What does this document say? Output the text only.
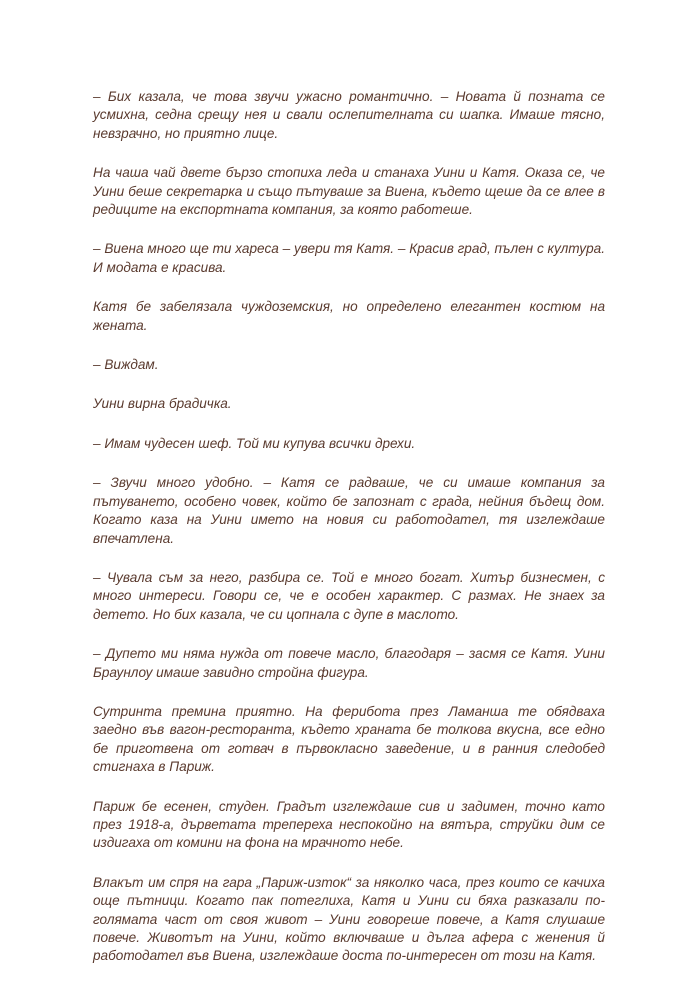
– Бих казала, че това звучи ужасно романтично. – Новата й позната се усмихна, седна срещу нея и свали ослепителната си шапка. Имаше тясно, невзрачно, но приятно лице.

На чаша чай двете бързо стопиха леда и станаха Уини и Катя. Оказа се, че Уини беше секретарка и също пътуваше за Виена, където щеше да се влее в редиците на експортната компания, за която работеше.

– Виена много ще ти хареса – увери тя Катя. – Красив град, пълен с култура. И модата е красива.

Катя бе забелязала чуждоземския, но определено елегантен костюм на жената.

– Виждам.

Уини вирна брадичка.

– Имам чудесен шеф. Той ми купува всички дрехи.

– Звучи много удобно. – Катя се радваше, че си имаше компания за пътуването, особено човек, който бе запознат с града, нейния бъдещ дом. Когато каза на Уини името на новия си работодател, тя изглеждаше впечатлена.

– Чувала съм за него, разбира се. Той е много богат. Хитър бизнесмен, с много интереси. Говори се, че е особен характер. С размах. Не знаех за детето. Но бих казала, че си цопнала с дупе в маслото.

– Дупето ми няма нужда от повече масло, благодаря – засмя се Катя. Уини Браунлоу имаше завидно стройна фигура.

Сутринта премина приятно. На ферибота през Ламанша те обядваха заедно във вагон-ресторанта, където храната бе толкова вкусна, все едно бе приготвена от готвач в първокласно заведение, и в ранния следобед стигнаха в Париж.

Париж бе есенен, студен. Градът изглеждаше сив и задимен, точно като през 1918-а, дърветата трепереха неспокойно на вятъра, струйки дим се издигаха от комини на фона на мрачното небе.

Влакът им спря на гара „Париж-изток“ за няколко часа, през които се качиха още пътници. Когато пак потеглиха, Катя и Уини си бяха разказали по-голямата част от своя живот – Уини говореше повече, а Катя слушаше повече. Животът на Уини, който включваше и дълга афера с женения й работодател във Виена, изглеждаше доста по-интересен от този на Катя.
